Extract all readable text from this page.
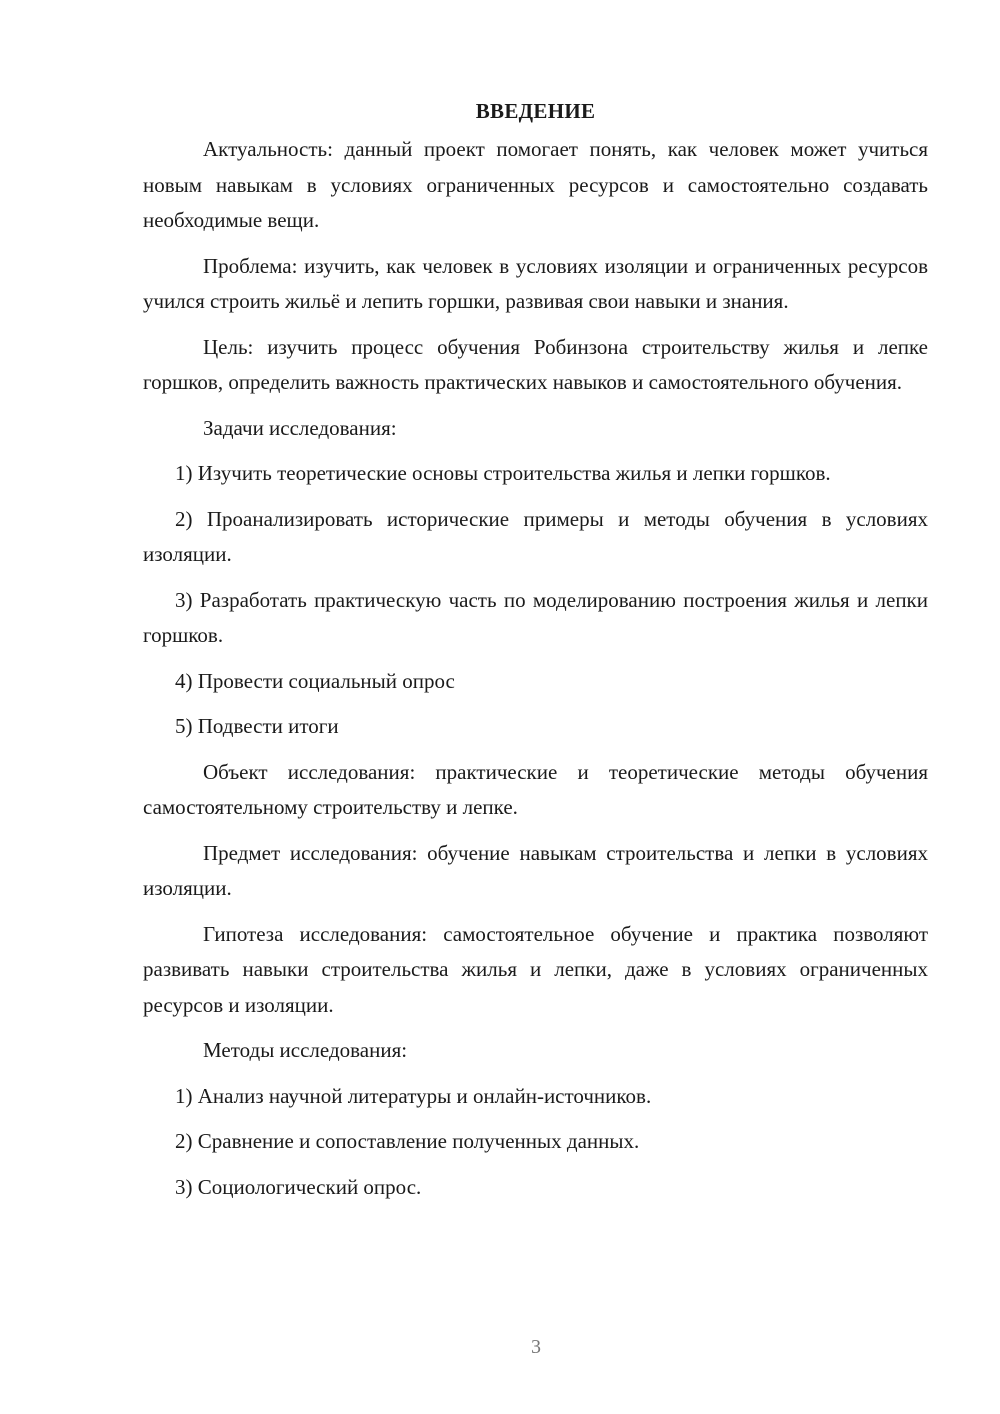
ВВЕДЕНИЕ

Актуальность: данный проект помогает понять, как человек может учиться новым навыкам в условиях ограниченных ресурсов и самостоятельно создавать необходимые вещи.

Проблема: изучить, как человек в условиях изоляции и ограниченных ресурсов учился строить жильё и лепить горшки, развивая свои навыки и знания.

Цель: изучить процесс обучения Робинзона строительству жилья и лепке горшков, определить важность практических навыков и самостоятельного обучения.

Задачи исследования:

1) Изучить теоретические основы строительства жилья и лепки горшков.

2) Проанализировать исторические примеры и методы обучения в условиях изоляции.

3) Разработать практическую часть по моделированию построения жилья и лепки горшков.

4) Провести социальный опрос

5) Подвести итоги

Объект исследования: практические и теоретические методы обучения самостоятельному строительству и лепке.

Предмет исследования: обучение навыкам строительства и лепки в условиях изоляции.

Гипотеза исследования: самостоятельное обучение и практика позволяют развивать навыки строительства жилья и лепки, даже в условиях ограниченных ресурсов и изоляции.

Методы исследования:

1) Анализ научной литературы и онлайн-источников.

2) Сравнение и сопоставление полученных данных.

3) Социологический опрос.

3
